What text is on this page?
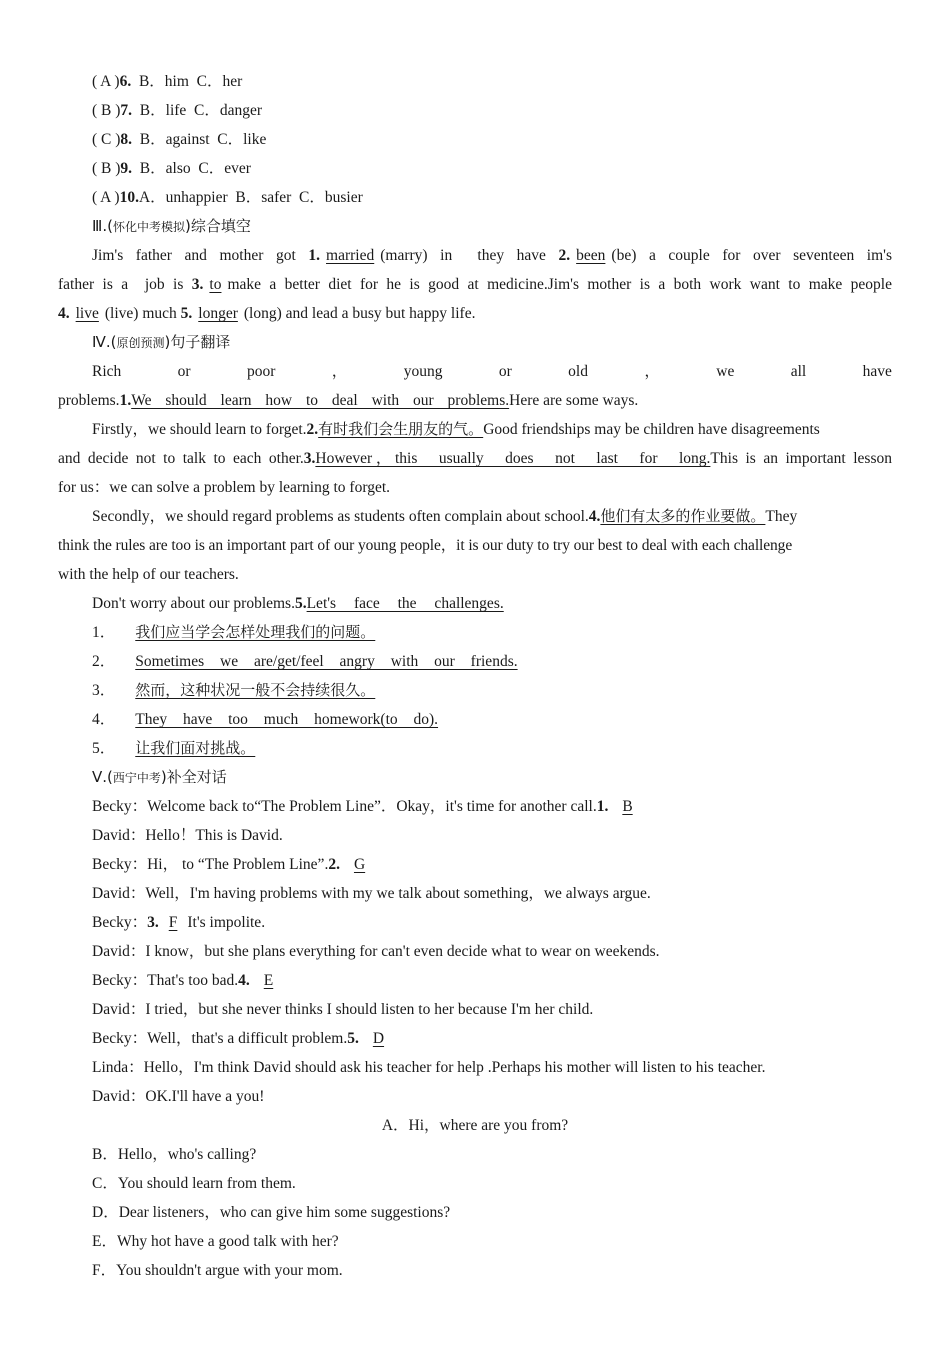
( A )6.  B．him  C．her
( B )7.  B．life  C．danger
( C )8.  B．against  C．like
( B )9.  B．also  C．ever
( A )10.A．unhappier  B．safer  C．busier
Ⅲ.(怀化中考模拟)综合填空
Jim's father and mother got 1. married (marry) in  they have 2. been (be) a couple for over seventeen im's
father is a  job is 3. to make a better diet for he is good at medicine.Jim's mother is a both work want to make people
4. live (live) much 5. longer (long) and lead a busy but happy life.
Ⅳ.(原创预测)句子翻译
Rich	or	poor	，	young	or	old	，	we	all	have
problems.1.We should learn how to deal with our problems.Here are some ways.
Firstly，we should learn to forget.2.有时我们会生朋友的气。Good friendships may be children have disagreements
and decide not to talk to each other.3.However，this usually does not last for long.This is an important lesson
for us：we can solve a problem by learning to forget.
Secondly，we should regard problems as students often complain about school.4.他们有太多的作业要做。They
think the rules are too is an important part of our young people，it is our duty to try our best to deal with each challenge
with the help of our teachers.
Don't worry about our problems.5.Let's face the challenges.
1． 我们应当学会怎样处理我们的问题。
2． Sometimes we are/get/feel angry with our friends.
3． 然而，这种状况一般不会持续很久。
4． They have too much homework(to do).
5． 让我们面对挑战。
Ⅴ.(西宁中考)补全对话
Becky：Welcome back to“The Problem Line”．Okay，it's time for another call.1. B
David：Hello！This is David.
Becky：Hi， to “The Problem Line”.2. G
David：Well，I'm having problems with my we talk about something，we always argue.
Becky：3. F It's impolite.
David：I know，but she plans everything for can't even decide what to wear on weekends.
Becky：That's too bad.4. E
David：I tried，but she never thinks I should listen to her because I'm her child.
Becky：Well，that's a difficult problem.5. D
Linda：Hello，I'm think David should ask his teacher for help .Perhaps his mother will listen to his teacher.
David：OK.I'll have a you!
A．Hi，where are you from?
B．Hello，who's calling?
C．You should learn from them.
D．Dear listeners，who can give him some suggestions?
E．Why hot have a good talk with her?
F．You shouldn't argue with your mom.
